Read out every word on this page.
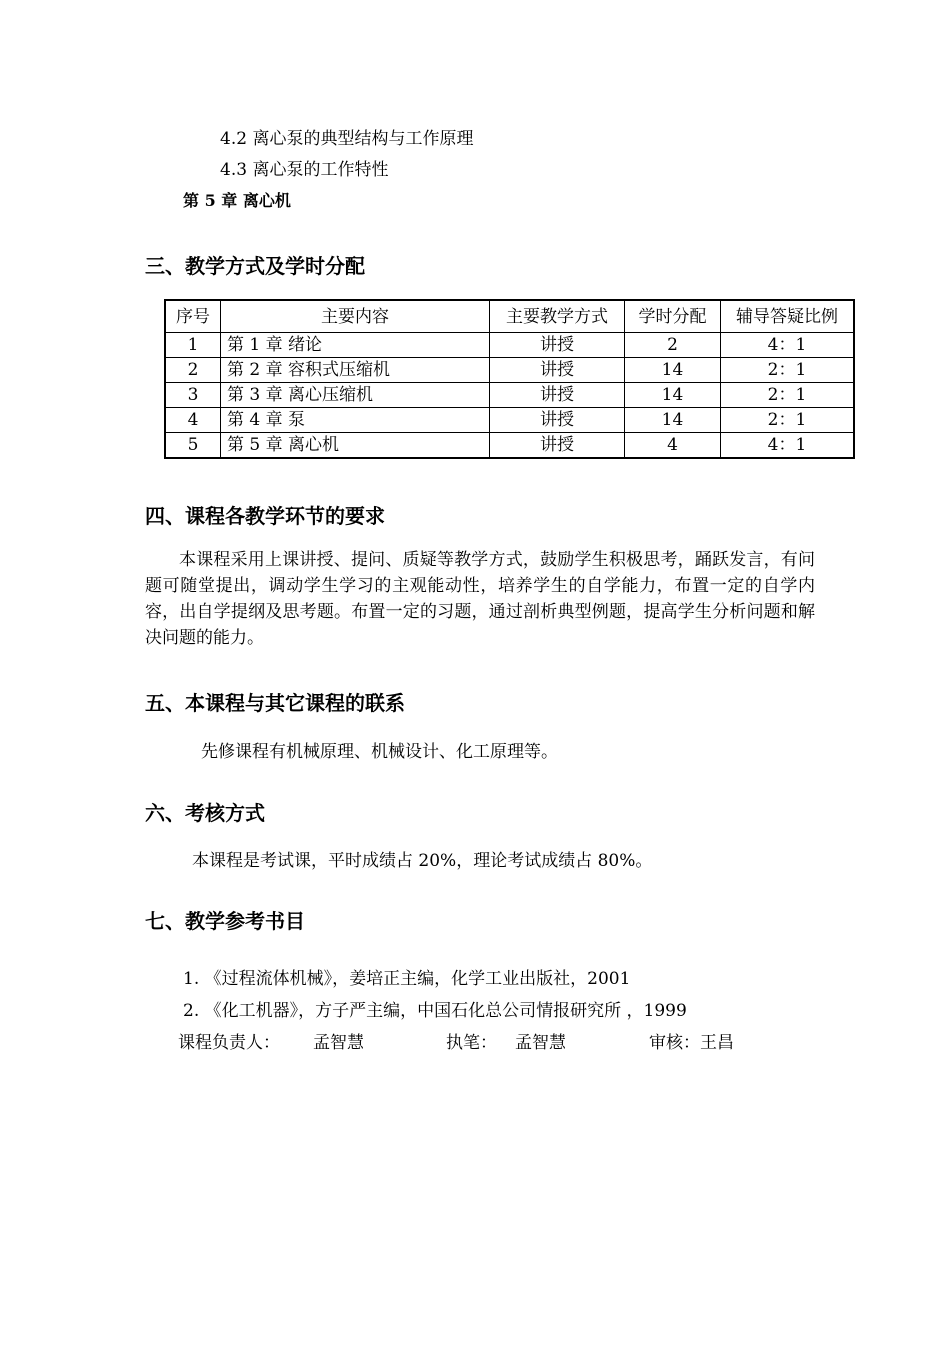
4.2 离心泵的典型结构与工作原理
4.3 离心泵的工作特性
第 5 章 离心机
三、教学方式及学时分配
序号	主要内容	主要教学方式	学时分配	辅导答疑比例
1	第 1 章 绪论	讲授	2	4：1
2	第 2 章 容积式压缩机	讲授	14	2：1
3	第 3 章 离心压缩机	讲授	14	2：1
4	第 4 章 泵	讲授	14	2：1
5	第 5 章 离心机	讲授	4	4：1
四、课程各教学环节的要求
本课程采用上课讲授、提问、质疑等教学方式，鼓励学生积极思考，踊跃发言，有问题可随堂提出，调动学生学习的主观能动性，培养学生的自学能力，布置一定的自学内容，出自学提纲及思考题。布置一定的习题，通过剖析典型例题，提高学生分析问题和解决问题的能力。
五、本课程与其它课程的联系
先修课程有机械原理、机械设计、化工原理等。
六、考核方式
本课程是考试课，平时成绩占 20%，理论考试成绩占 80%。
七、教学参考书目
1. 《过程流体机械》，姜培正主编，化学工业出版社，2001
2. 《化工机器》，方子严主编，中国石化总公司情报研究所 ，1999
课程负责人： 孟智慧	执笔： 孟智慧	审核：王昌
